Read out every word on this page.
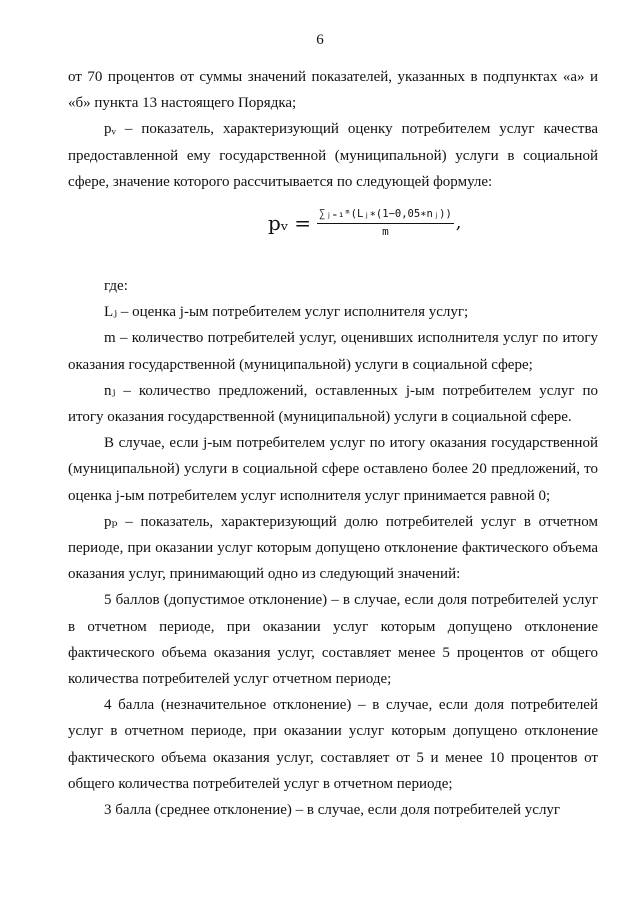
6

от 70 процентов от суммы значений показателей, указанных в подпунктах «а» и «б» пункта 13 настоящего Порядка;

pᵥ – показатель, характеризующий оценку потребителем услуг качества предоставленной ему государственной (муниципальной) услуги в социальной сфере, значение которого рассчитывается по следующей формуле:

pᵥ = $\frac{\text{∑ⱼ₌₁ᵐ(Lⱼ∗(1−0,05∗nⱼ))}}{m}$ ,

где:

Lⱼ – оценка j-ым потребителем услуг исполнителя услуг;

m – количество потребителей услуг, оценивших исполнителя услуг по итогу оказания государственной (муниципальной) услуги в социальной сфере;

nⱼ – количество предложений, оставленных j-ым потребителем услуг по итогу оказания государственной (муниципальной) услуги в социальной сфере.

В случае, если j-ым потребителем услуг по итогу оказания государственной (муниципальной) услуги в социальной сфере оставлено более 20 предложений, то оценка j-ым потребителем услуг исполнителя услуг принимается равной 0;

pₚ – показатель, характеризующий долю потребителей услуг в отчетном периоде, при оказании услуг которым допущено отклонение фактического объема оказания услуг, принимающий одно из следующий значений:

5 баллов (допустимое отклонение) – в случае, если доля потребителей услуг в отчетном периоде, при оказании услуг которым допущено отклонение фактического объема оказания услуг, составляет менее 5 процентов от общего количества потребителей услуг отчетном периоде;

4 балла (незначительное отклонение) – в случае, если доля потребителей услуг в отчетном периоде, при оказании услуг которым допущено отклонение фактического объема оказания услуг, составляет от 5 и менее 10 процентов от общего количества потребителей услуг в отчетном периоде;

3 балла (среднее отклонение) – в случае, если доля потребителей услуг
